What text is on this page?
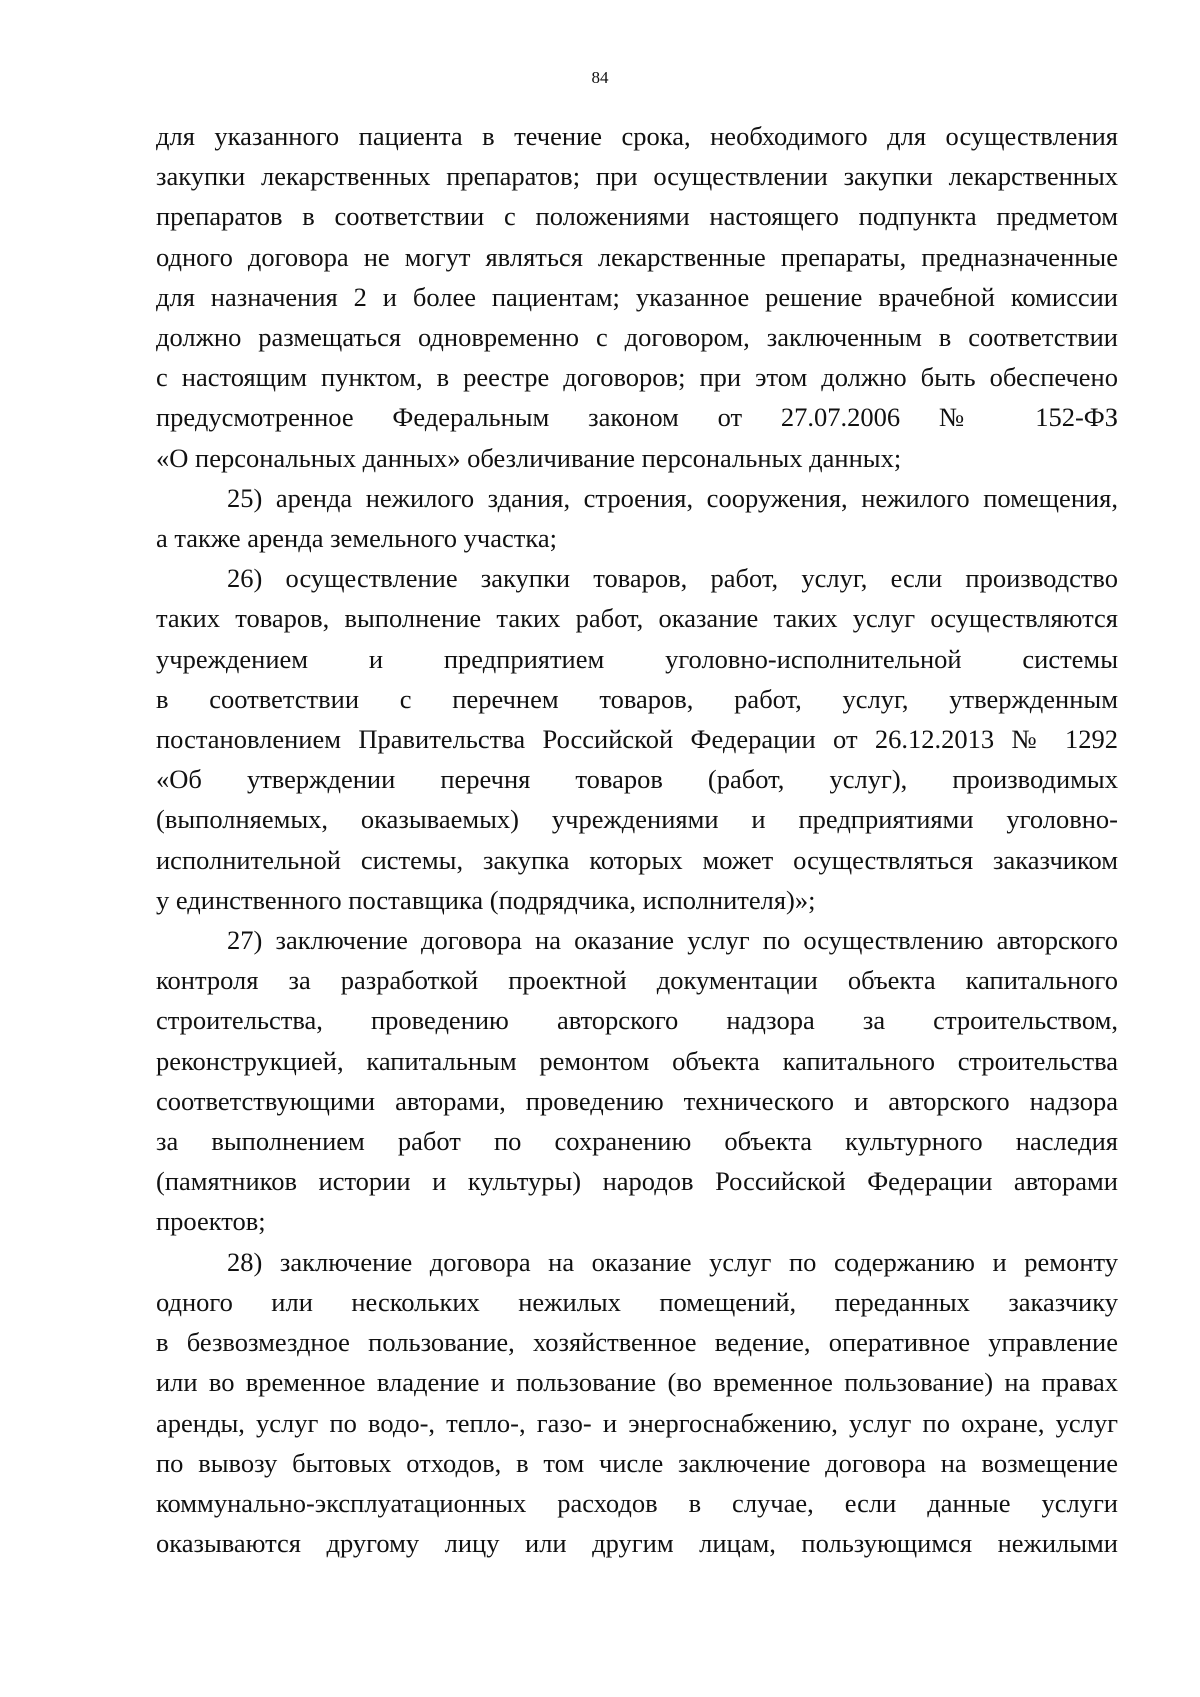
84

для указанного пациента в течение срока, необходимого для осуществления
закупки лекарственных препаратов; при осуществлении закупки лекарственных
препаратов в соответствии с положениями настоящего подпункта предметом
одного договора не могут являться лекарственные препараты, предназначенные
для назначения 2 и более пациентам; указанное решение врачебной комиссии
должно размещаться одновременно с договором, заключенным в соответствии
с настоящим пунктом, в реестре договоров; при этом должно быть обеспечено
предусмотренное Федеральным законом от 27.07.2006 № 152-ФЗ
«О персональных данных» обезличивание персональных данных;

25) аренда нежилого здания, строения, сооружения, нежилого помещения,
а также аренда земельного участка;

26) осуществление закупки товаров, работ, услуг, если производство
таких товаров, выполнение таких работ, оказание таких услуг осуществляются
учреждением и предприятием уголовно-исполнительной системы
в соответствии с перечнем товаров, работ, услуг, утвержденным
постановлением Правительства Российской Федерации от 26.12.2013 № 1292
«Об утверждении перечня товаров (работ, услуг), производимых
(выполняемых, оказываемых) учреждениями и предприятиями уголовно-
исполнительной системы, закупка которых может осуществляться заказчиком
у единственного поставщика (подрядчика, исполнителя)»;

27) заключение договора на оказание услуг по осуществлению авторского
контроля за разработкой проектной документации объекта капитального
строительства, проведению авторского надзора за строительством,
реконструкцией, капитальным ремонтом объекта капитального строительства
соответствующими авторами, проведению технического и авторского надзора
за выполнением работ по сохранению объекта культурного наследия
(памятников истории и культуры) народов Российской Федерации авторами
проектов;

28) заключение договора на оказание услуг по содержанию и ремонту
одного или нескольких нежилых помещений, переданных заказчику
в безвозмездное пользование, хозяйственное ведение, оперативное управление
или во временное владение и пользование (во временное пользование) на правах
аренды, услуг по водо-, тепло-, газо- и энергоснабжению, услуг по охране, услуг
по вывозу бытовых отходов, в том числе заключение договора на возмещение
коммунально-эксплуатационных расходов в случае, если данные услуги
оказываются другому лицу или другим лицам, пользующимся нежилыми
